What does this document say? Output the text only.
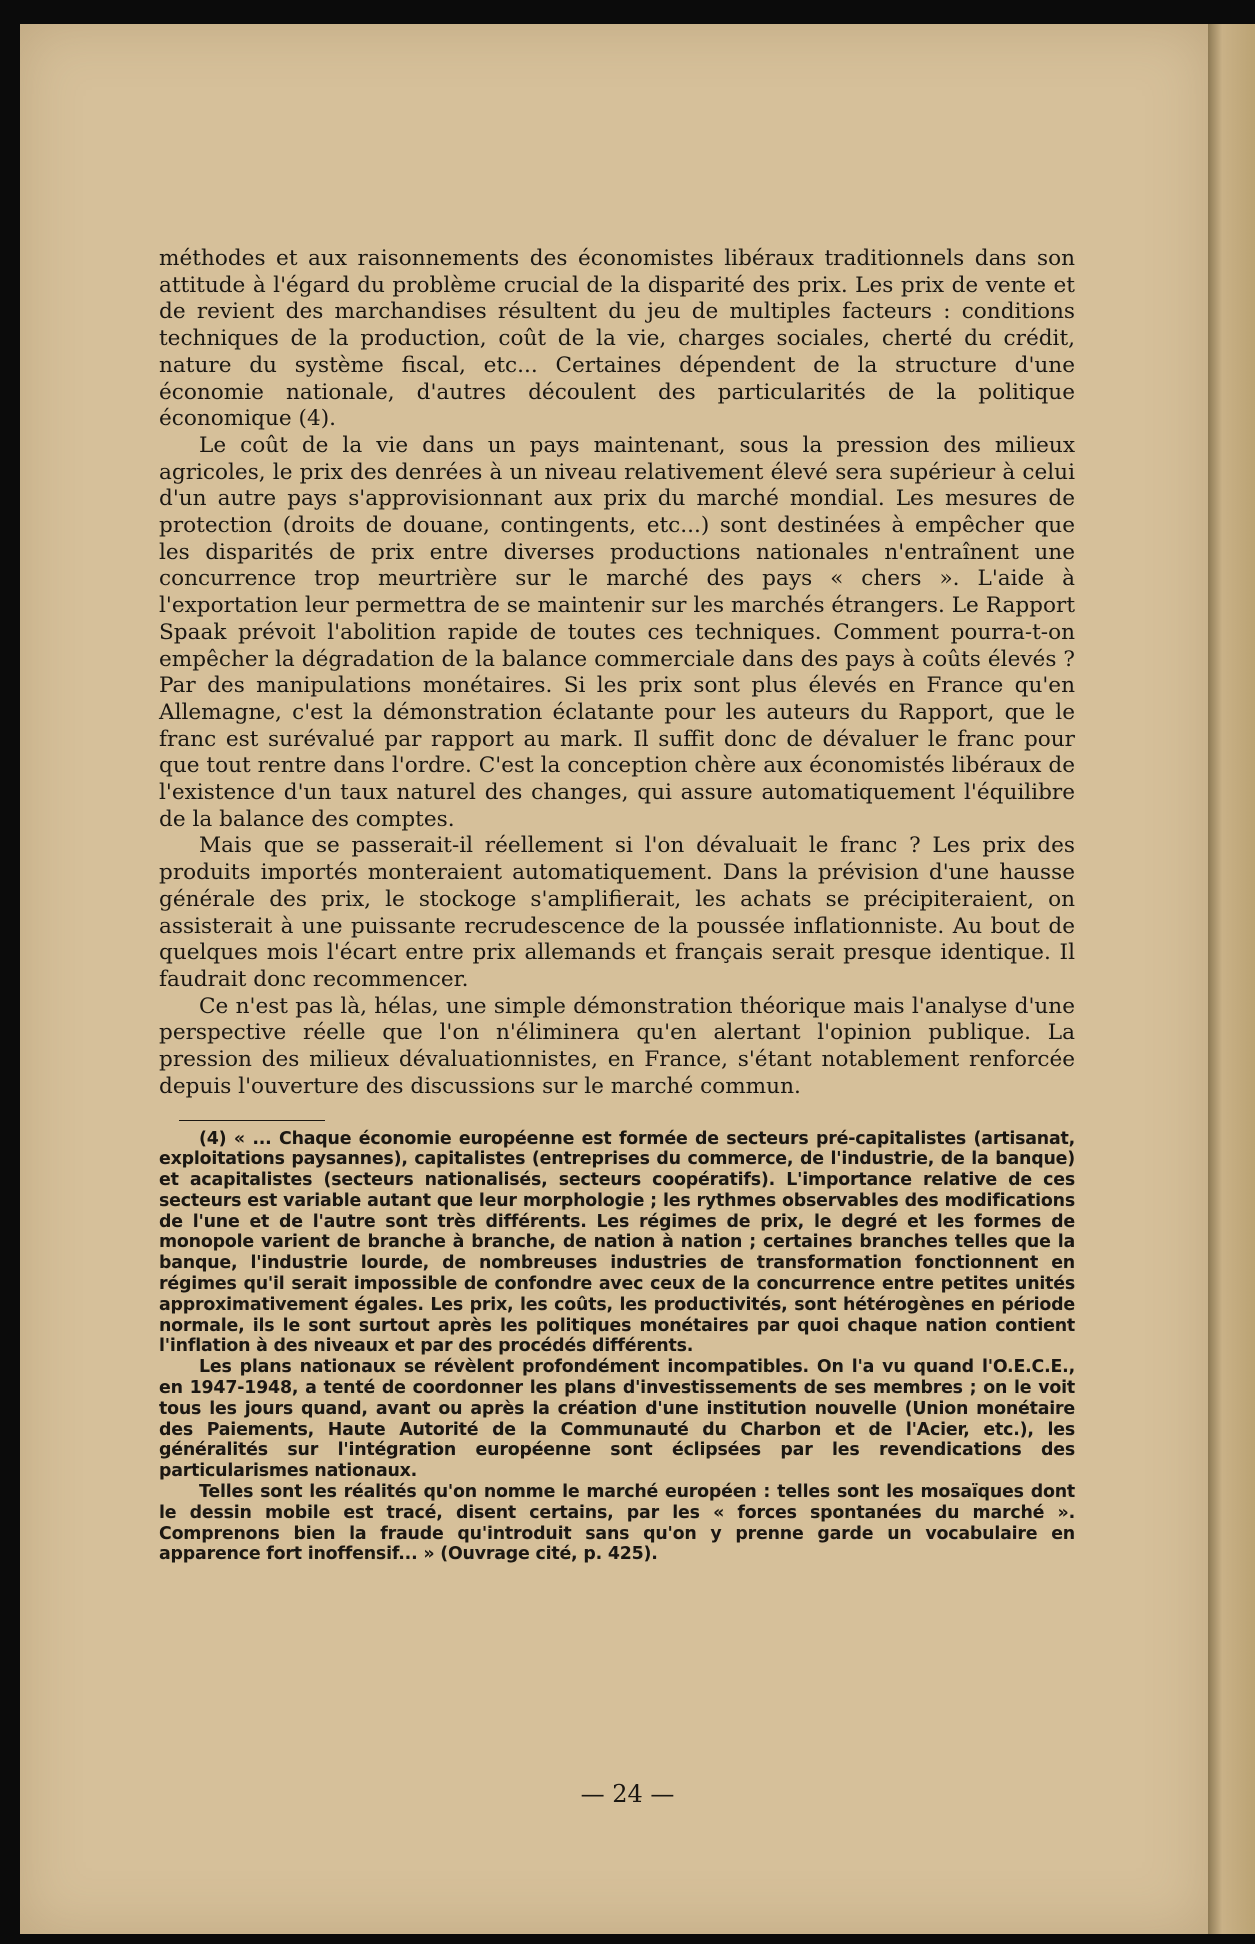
méthodes et aux raisonnements des économistes libéraux traditionnels dans son attitude à l'égard du problème crucial de la disparité des prix. Les prix de vente et de revient des marchandises résultent du jeu de multiples facteurs : conditions techniques de la production, coût de la vie, charges sociales, cherté du crédit, nature du système fiscal, etc... Certaines dépendent de la structure d'une économie nationale, d'autres découlent des particularités de la politique économique (4).

Le coût de la vie dans un pays maintenant, sous la pression des milieux agricoles, le prix des denrées à un niveau relativement élevé sera supérieur à celui d'un autre pays s'approvisionnant aux prix du marché mondial. Les mesures de protection (droits de douane, contingents, etc...) sont destinées à empêcher que les disparités de prix entre diverses productions nationales n'entraînent une concurrence trop meurtrière sur le marché des pays « chers ». L'aide à l'exportation leur permettra de se maintenir sur les marchés étrangers. Le Rapport Spaak prévoit l'abolition rapide de toutes ces techniques. Comment pourra-t-on empêcher la dégradation de la balance commerciale dans des pays à coûts élevés ? Par des manipulations monétaires. Si les prix sont plus élevés en France qu'en Allemagne, c'est la démonstration éclatante pour les auteurs du Rapport, que le franc est surévalué par rapport au mark. Il suffit donc de dévaluer le franc pour que tout rentre dans l'ordre. C'est la conception chère aux économistés libéraux de l'existence d'un taux naturel des changes, qui assure automatiquement l'équilibre de la balance des comptes.

Mais que se passerait-il réellement si l'on dévaluait le franc ? Les prix des produits importés monteraient automatiquement. Dans la prévision d'une hausse générale des prix, le stockoge s'amplifierait, les achats se précipiteraient, on assisterait à une puissante recrudescence de la poussée inflationniste. Au bout de quelques mois l'écart entre prix allemands et français serait presque identique. Il faudrait donc recommencer.

Ce n'est pas là, hélas, une simple démonstration théorique mais l'analyse d'une perspective réelle que l'on n'éliminera qu'en alertant l'opinion publique. La pression des milieux dévaluationnistes, en France, s'étant notablement renforcée depuis l'ouverture des discussions sur le marché commun.

(4) « ... Chaque économie européenne est formée de secteurs pré-capitalistes (artisanat, exploitations paysannes), capitalistes (entreprises du commerce, de l'industrie, de la banque) et acapitalistes (secteurs nationalisés, secteurs coopératifs). L'importance relative de ces secteurs est variable autant que leur morphologie ; les rythmes observables des modifications de l'une et de l'autre sont très différents. Les régimes de prix, le degré et les formes de monopole varient de branche à branche, de nation à nation ; certaines branches telles que la banque, l'industrie lourde, de nombreuses industries de transformation fonctionnent en régimes qu'il serait impossible de confondre avec ceux de la concurrence entre petites unités approximativement égales. Les prix, les coûts, les productivités, sont hétérogènes en période normale, ils le sont surtout après les politiques monétaires par quoi chaque nation contient l'inflation à des niveaux et par des procédés différents.

Les plans nationaux se révèlent profondément incompatibles. On l'a vu quand l'O.E.C.E., en 1947-1948, a tenté de coordonner les plans d'investissements de ses membres ; on le voit tous les jours quand, avant ou après la création d'une institution nouvelle (Union monétaire des Paiements, Haute Autorité de la Communauté du Charbon et de l'Acier, etc.), les généralités sur l'intégration européenne sont éclipsées par les revendications des particularismes nationaux.

Telles sont les réalités qu'on nomme le marché européen : telles sont les mosaïques dont le dessin mobile est tracé, disent certains, par les « forces spontanées du marché ». Comprenons bien la fraude qu'introduit sans qu'on y prenne garde un vocabulaire en apparence fort inoffensif... » (Ouvrage cité, p. 425).

— 24 —
